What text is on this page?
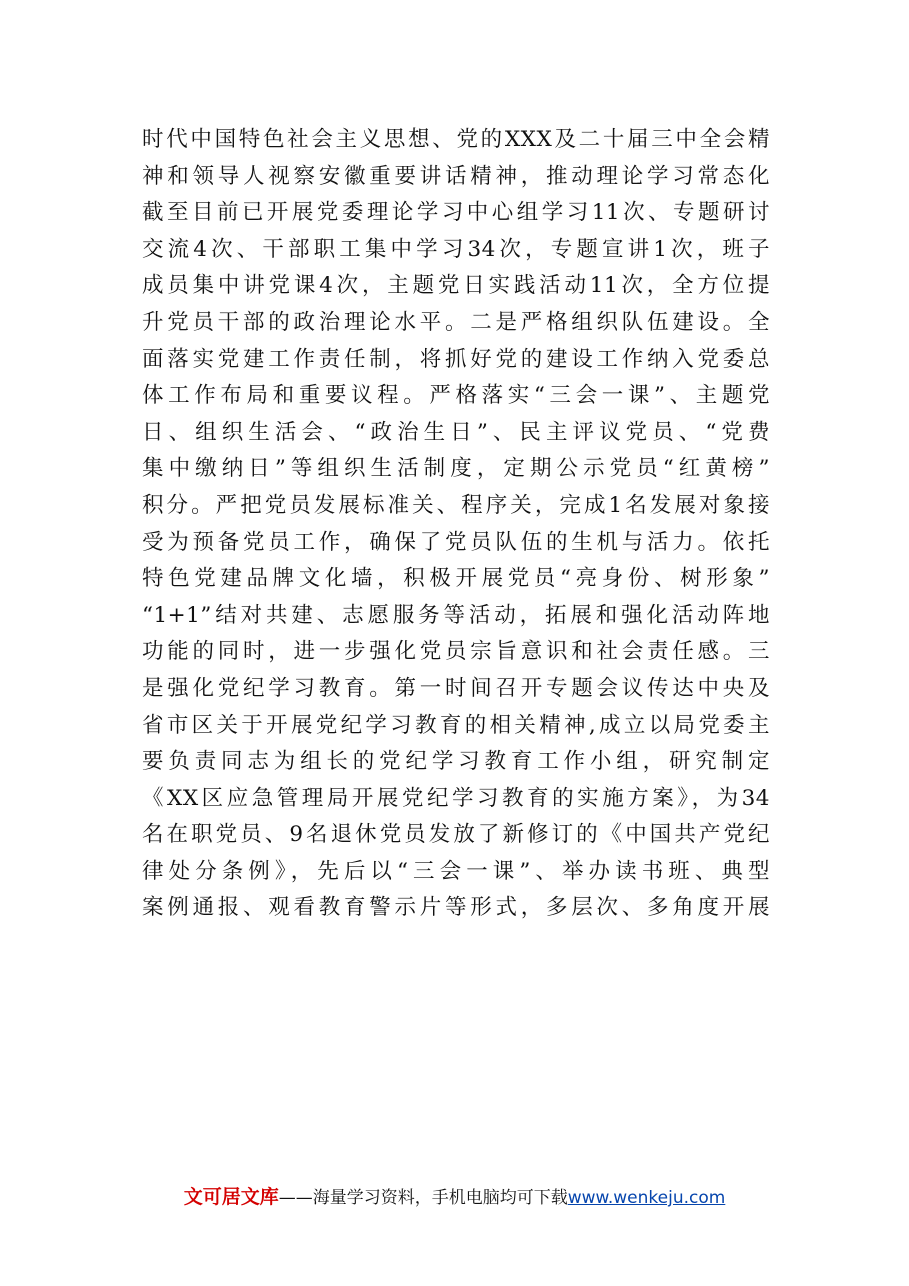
时代中国特色社会主义思想、党的XXX及二十届三中全会精
神和领导人视察安徽重要讲话精神，推动理论学习常态化
截至目前已开展党委理论学习中心组学习11次、专题研讨
交流4次、干部职工集中学习34次，专题宣讲1次，班子
成员集中讲党课4次，主题党日实践活动11次，全方位提
升党员干部的政治理论水平。二是严格组织队伍建设。全
面落实党建工作责任制，将抓好党的建设工作纳入党委总
体工作布局和重要议程。严格落实“三会一课”、主题党
日、组织生活会、“政治生日”、民主评议党员、“党费
集中缴纳日”等组织生活制度，定期公示党员“红黄榜”
积分。严把党员发展标准关、程序关，完成1名发展对象接
受为预备党员工作，确保了党员队伍的生机与活力。依托
特色党建品牌文化墙，积极开展党员“亮身份、树形象”
“1+1”结对共建、志愿服务等活动，拓展和强化活动阵地
功能的同时，进一步强化党员宗旨意识和社会责任感。三
是强化党纪学习教育。第一时间召开专题会议传达中央及
省市区关于开展党纪学习教育的相关精神,成立以局党委主
要负责同志为组长的党纪学习教育工作小组，研究制定
《XX区应急管理局开展党纪学习教育的实施方案》，为34
名在职党员、9名退休党员发放了新修订的《中国共产党纪
律处分条例》，先后以“三会一课”、举办读书班、典型
案例通报、观看教育警示片等形式，多层次、多角度开展
文可居文库——海量学习资料，手机电脑均可下载www.wenkeju.com
